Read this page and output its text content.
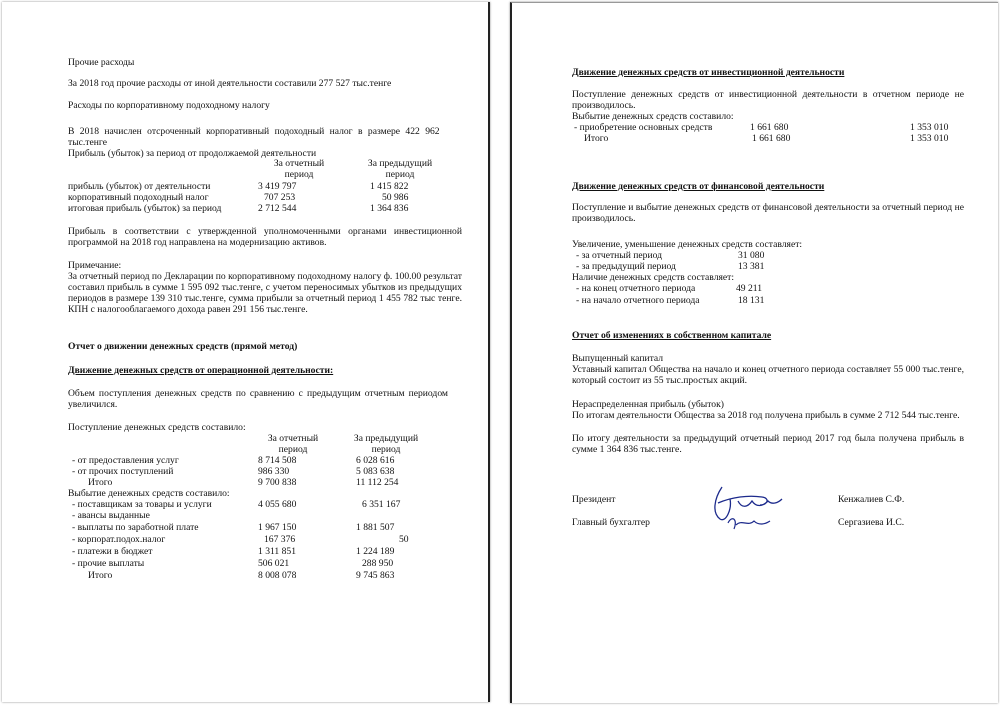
Прочие расходы
За 2018 год прочие расходы от иной деятельности составили 277 527 тыс.тенге
Расходы по корпоративному подоходному налогу
В 2018 начислен отсроченный корпоративный подоходный налог в размере 422 962
тыс.тенге
Прибыль (убыток) за период от продолжаемой деятельности
За отчетный
период
За предыдущий
период
прибыль (убыток) от деятельности	3 419 797	1 415 822
корпоративный подоходный налог	707 253	50 986
итоговая прибыль (убыток) за период	2 712 544	1 364 836
Прибыль в соответствии с утвержденной уполномоченными органами инвестиционной программой на 2018 год направлена на модернизацию активов.
Примечание:
За отчетный период по Декларации по корпоративному подоходному налогу ф. 100.00 результат составил прибыль в сумме 1 595 092 тыс.тенге, с учетом переносимых убытков из предыдущих периодов в размере 139 310 тыс.тенге, сумма прибыли за отчетный период 1 455 782 тыс тенге. КПН с налогооблагаемого дохода равен 291 156 тыс.тенге.
Отчет о движении денежных средств (прямой метод)
Движение денежных средств от операционной деятельности:
Объем поступления денежных средств по сравнению с предыдущим отчетным периодом увеличился.
Поступление денежных средств составило:
За отчетный
период
За предыдущий
период
- от предоставления услуг	8 714 508	6 028 616
- от прочих поступлений	986 330	5 083 638
Итого	9 700 838	11 112 254
Выбытие денежных средств составило:
- поставщикам за товары и услуги	4 055 680	6 351 167
- авансы выданные
- выплаты по заработной плате	1 967 150	1 881 507
- корпорат.подох.налог	167 376	50
- платежи в бюджет	1 311 851	1 224 189
- прочие выплаты	506 021	288 950
Итого	8 008 078	9 745 863
Движение денежных средств от инвестиционной деятельности
Поступление денежных средств от инвестиционной деятельности в отчетном периоде не производилось.
Выбытие денежных средств составило:
- приобретение основных средств	1 661 680	1 353 010
Итого	1 661 680	1 353 010
Движение денежных средств от финансовой деятельности
Поступление и выбытие денежных средств от финансовой деятельности за отчетный период не производилось.
Увеличение, уменьшение денежных средств составляет:
- за отчетный период	31 080
- за предыдущий период	13 381
Наличие денежных средств составляет:
- на конец отчетного периода	49 211
- на начало отчетного периода	18 131
Отчет об изменениях в собственном капитале
Выпущенный капитал
Уставный капитал Общества на начало и конец отчетного периода составляет 55 000 тыс.тенге, который состоит из 55 тыс.простых акций.
Нераспределенная прибыль (убыток)
По итогам деятельности Общества за 2018 год получена прибыль в сумме 2 712 544 тыс.тенге.
По итогу деятельности за предыдущий отчетный период 2017 год была получена прибыль в сумме 1 364 836 тыс.тенге.
Президент	Кенжалиев С.Ф.
Главный бухгалтер	Сергазиева И.С.
